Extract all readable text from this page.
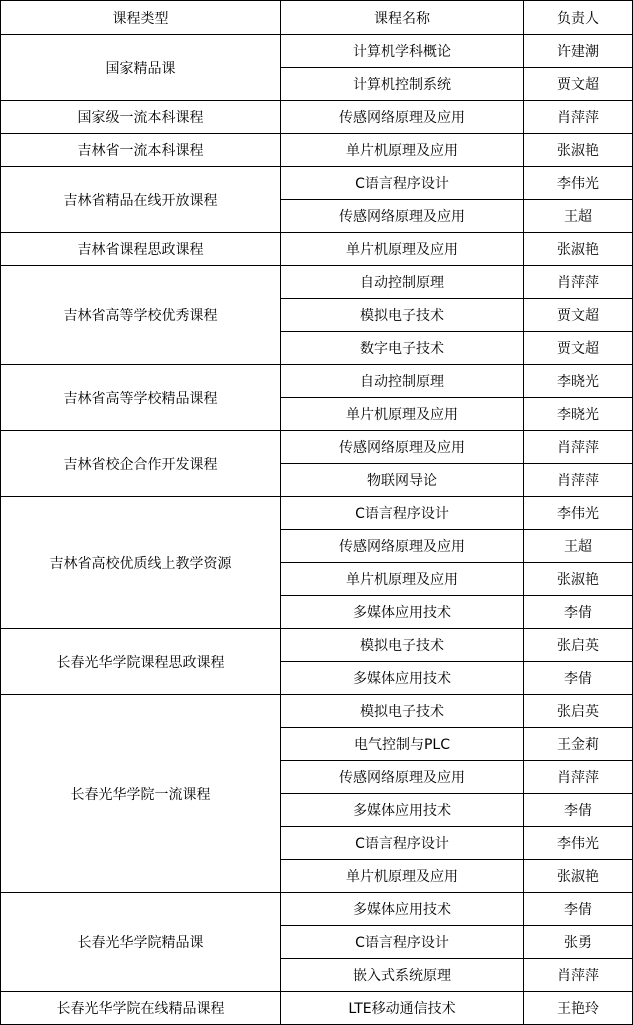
课程类型	课程名称	负责人
国家精品课	计算机学科概论	许建潮
	计算机控制系统	贾文超
国家级一流本科课程	传感网络原理及应用	肖萍萍
吉林省一流本科课程	单片机原理及应用	张淑艳
吉林省精品在线开放课程	C语言程序设计	李伟光
	传感网络原理及应用	王超
吉林省课程思政课程	单片机原理及应用	张淑艳
吉林省高等学校优秀课程	自动控制原理	肖萍萍
	模拟电子技术	贾文超
	数字电子技术	贾文超
吉林省高等学校精品课程	自动控制原理	李晓光
	单片机原理及应用	李晓光
吉林省校企合作开发课程	传感网络原理及应用	肖萍萍
	物联网导论	肖萍萍
吉林省高校优质线上教学资源	C语言程序设计	李伟光
	传感网络原理及应用	王超
	单片机原理及应用	张淑艳
	多媒体应用技术	李倩
长春光华学院课程思政课程	模拟电子技术	张启英
	多媒体应用技术	李倩
长春光华学院一流课程	模拟电子技术	张启英
	电气控制与PLC	王金莉
	传感网络原理及应用	肖萍萍
	多媒体应用技术	李倩
	C语言程序设计	李伟光
	单片机原理及应用	张淑艳
长春光华学院精品课	多媒体应用技术	李倩
	C语言程序设计	张勇
	嵌入式系统原理	肖萍萍
长春光华学院在线精品课程	LTE移动通信技术	王艳玲
